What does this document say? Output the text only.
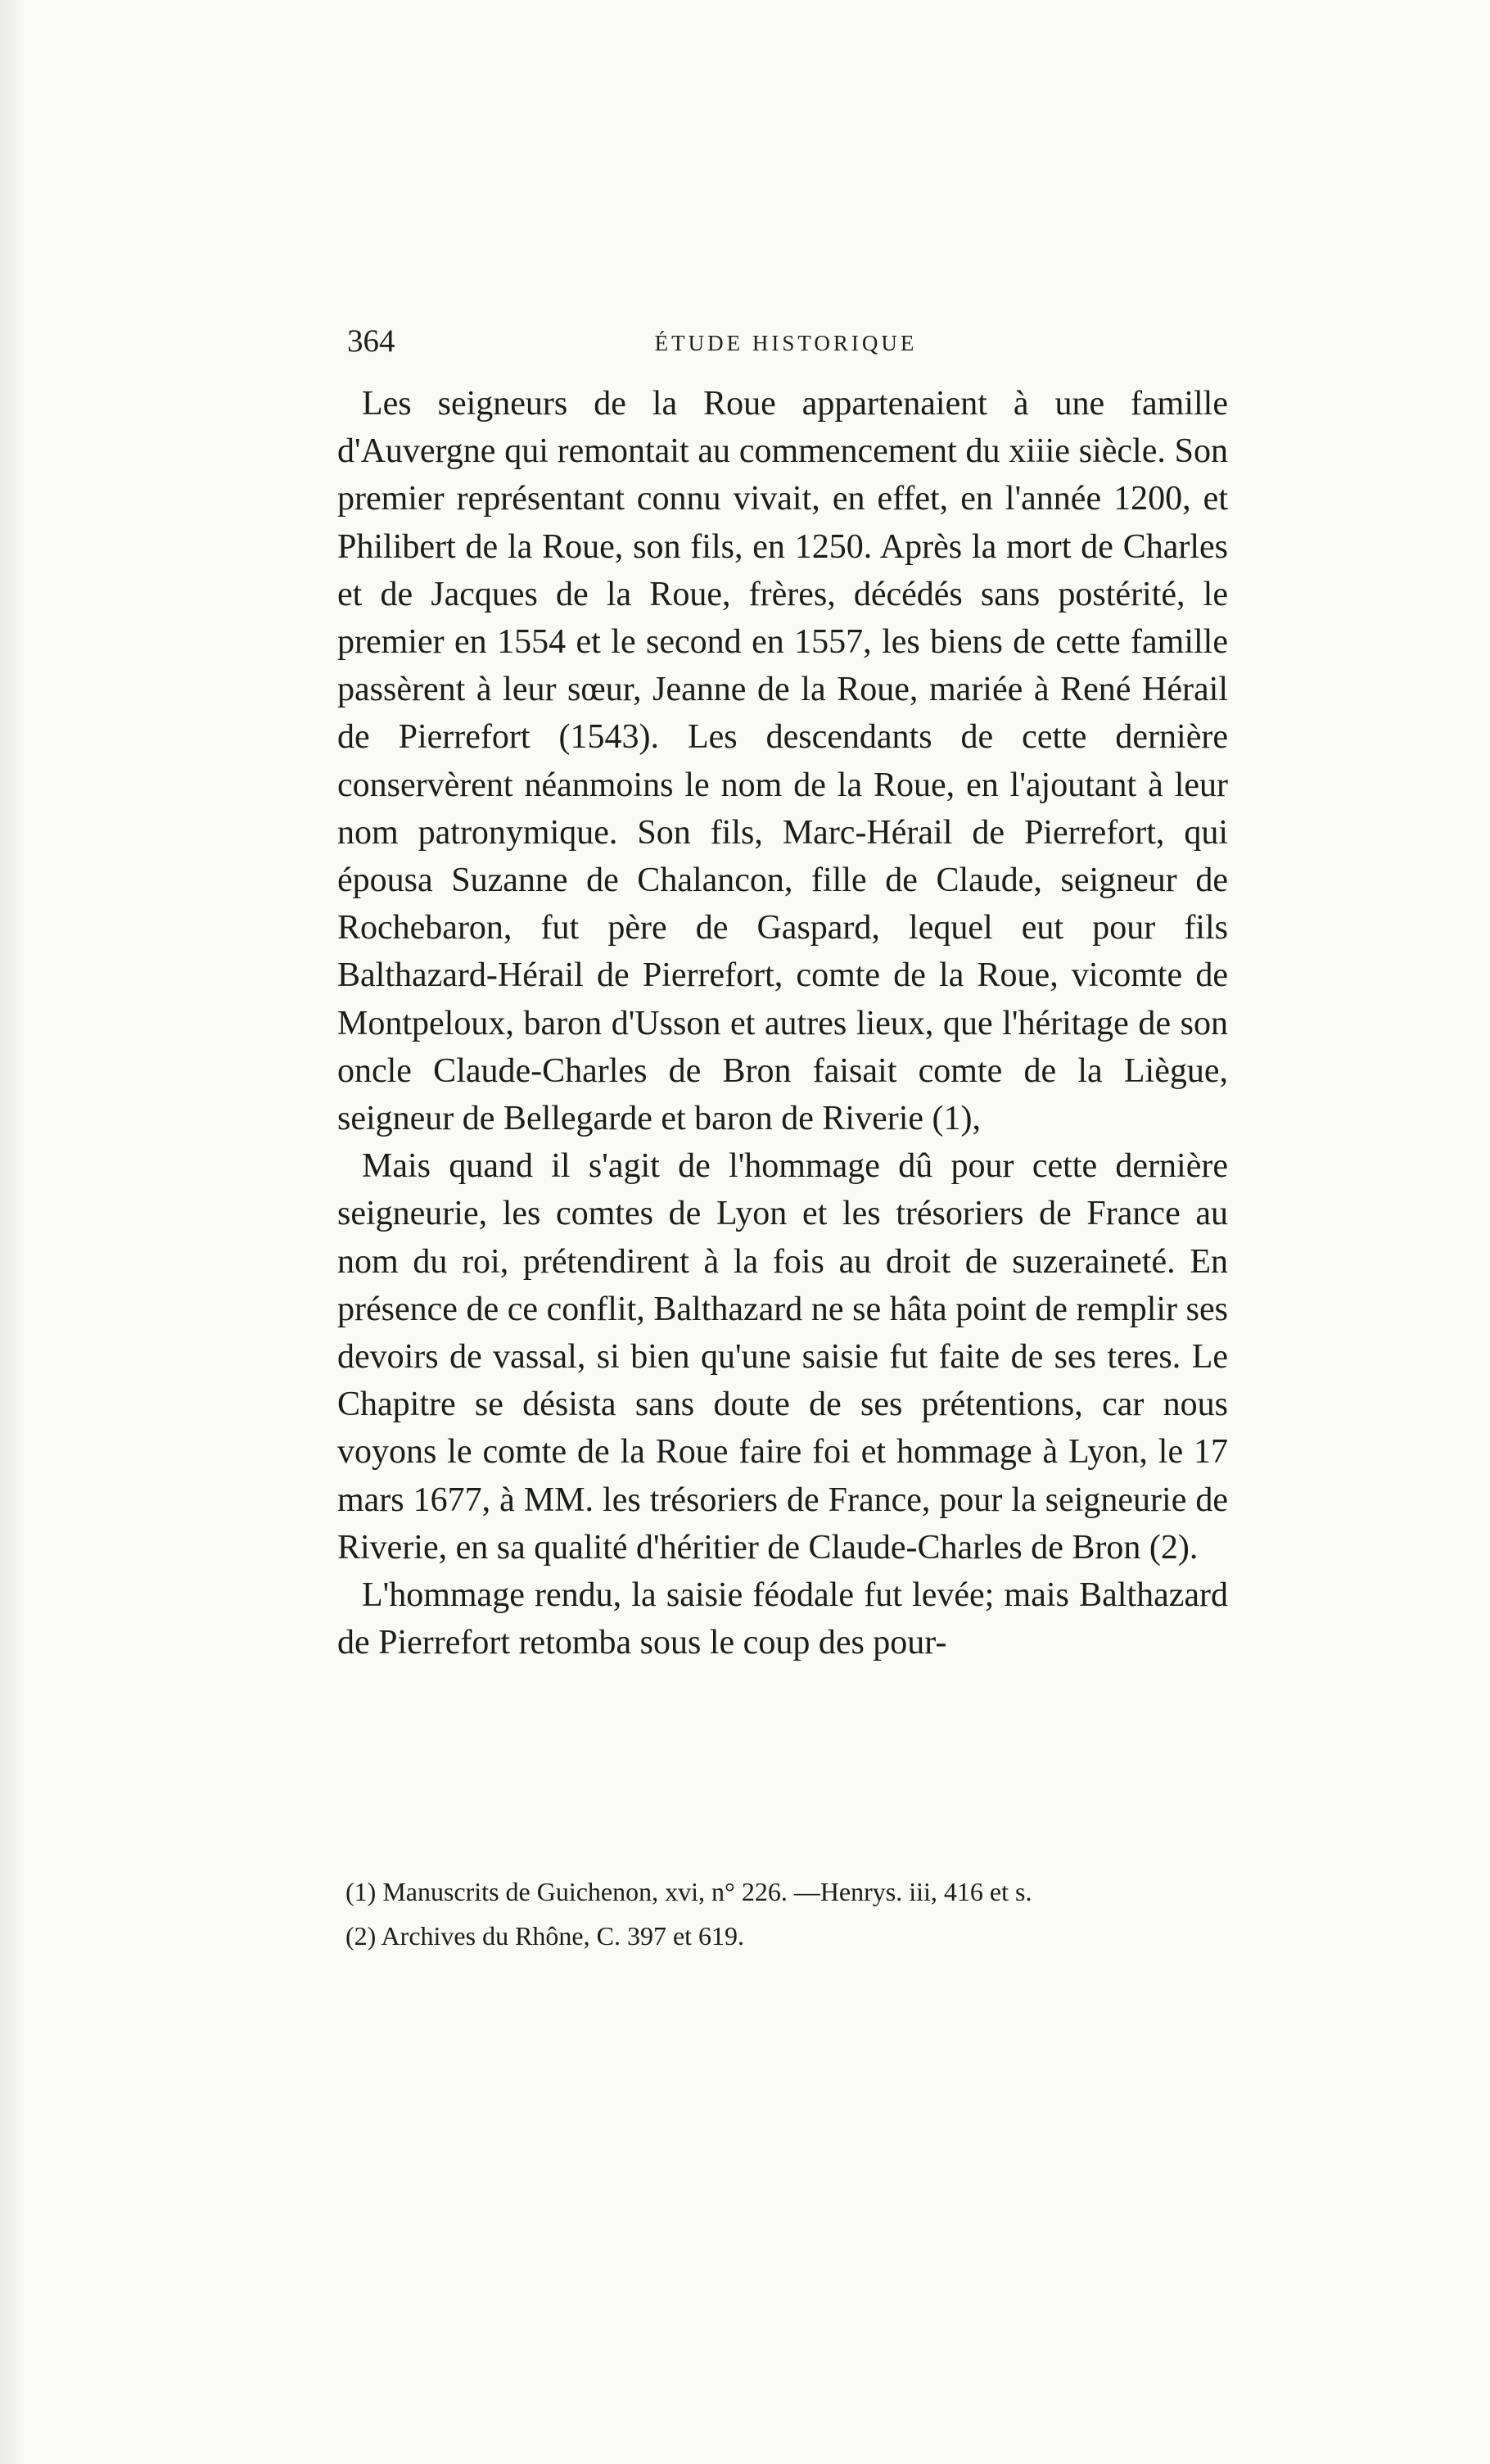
364	ÉTUDE HISTORIQUE

Les seigneurs de la Roue appartenaient à une famille d'Auvergne qui remontait au commencement du xiiie siècle. Son premier représentant connu vivait, en effet, en l'année 1200, et Philibert de la Roue, son fils, en 1250. Après la mort de Charles et de Jacques de la Roue, frères, décédés sans postérité, le premier en 1554 et le second en 1557, les biens de cette famille passèrent à leur sœur, Jeanne de la Roue, mariée à René Hérail de Pierrefort (1543). Les descendants de cette dernière conservèrent néanmoins le nom de la Roue, en l'ajoutant à leur nom patronymique. Son fils, Marc-Hérail de Pierrefort, qui épousa Suzanne de Chalancon, fille de Claude, seigneur de Rochebaron, fut père de Gaspard, lequel eut pour fils Balthazard-Hérail de Pierrefort, comte de la Roue, vicomte de Montpeloux, baron d'Usson et autres lieux, que l'héritage de son oncle Claude-Charles de Bron faisait comte de la Liègue, seigneur de Bellegarde et baron de Riverie (1),

Mais quand il s'agit de l'hommage dû pour cette dernière seigneurie, les comtes de Lyon et les trésoriers de France au nom du roi, prétendirent à la fois au droit de suzeraineté. En présence de ce conflit, Balthazard ne se hâta point de remplir ses devoirs de vassal, si bien qu'une saisie fut faite de ses teres. Le Chapitre se désista sans doute de ses prétentions, car nous voyons le comte de la Roue faire foi et hommage à Lyon, le 17 mars 1677, à MM. les trésoriers de France, pour la seigneurie de Riverie, en sa qualité d'héritier de Claude-Charles de Bron (2).

L'hommage rendu, la saisie féodale fut levée; mais Balthazard de Pierrefort retomba sous le coup des pour-

(1) Manuscrits de Guichenon, xvi, n° 226. —Henrys. iii, 416 et s.

(2) Archives du Rhône, C. 397 et 619.
